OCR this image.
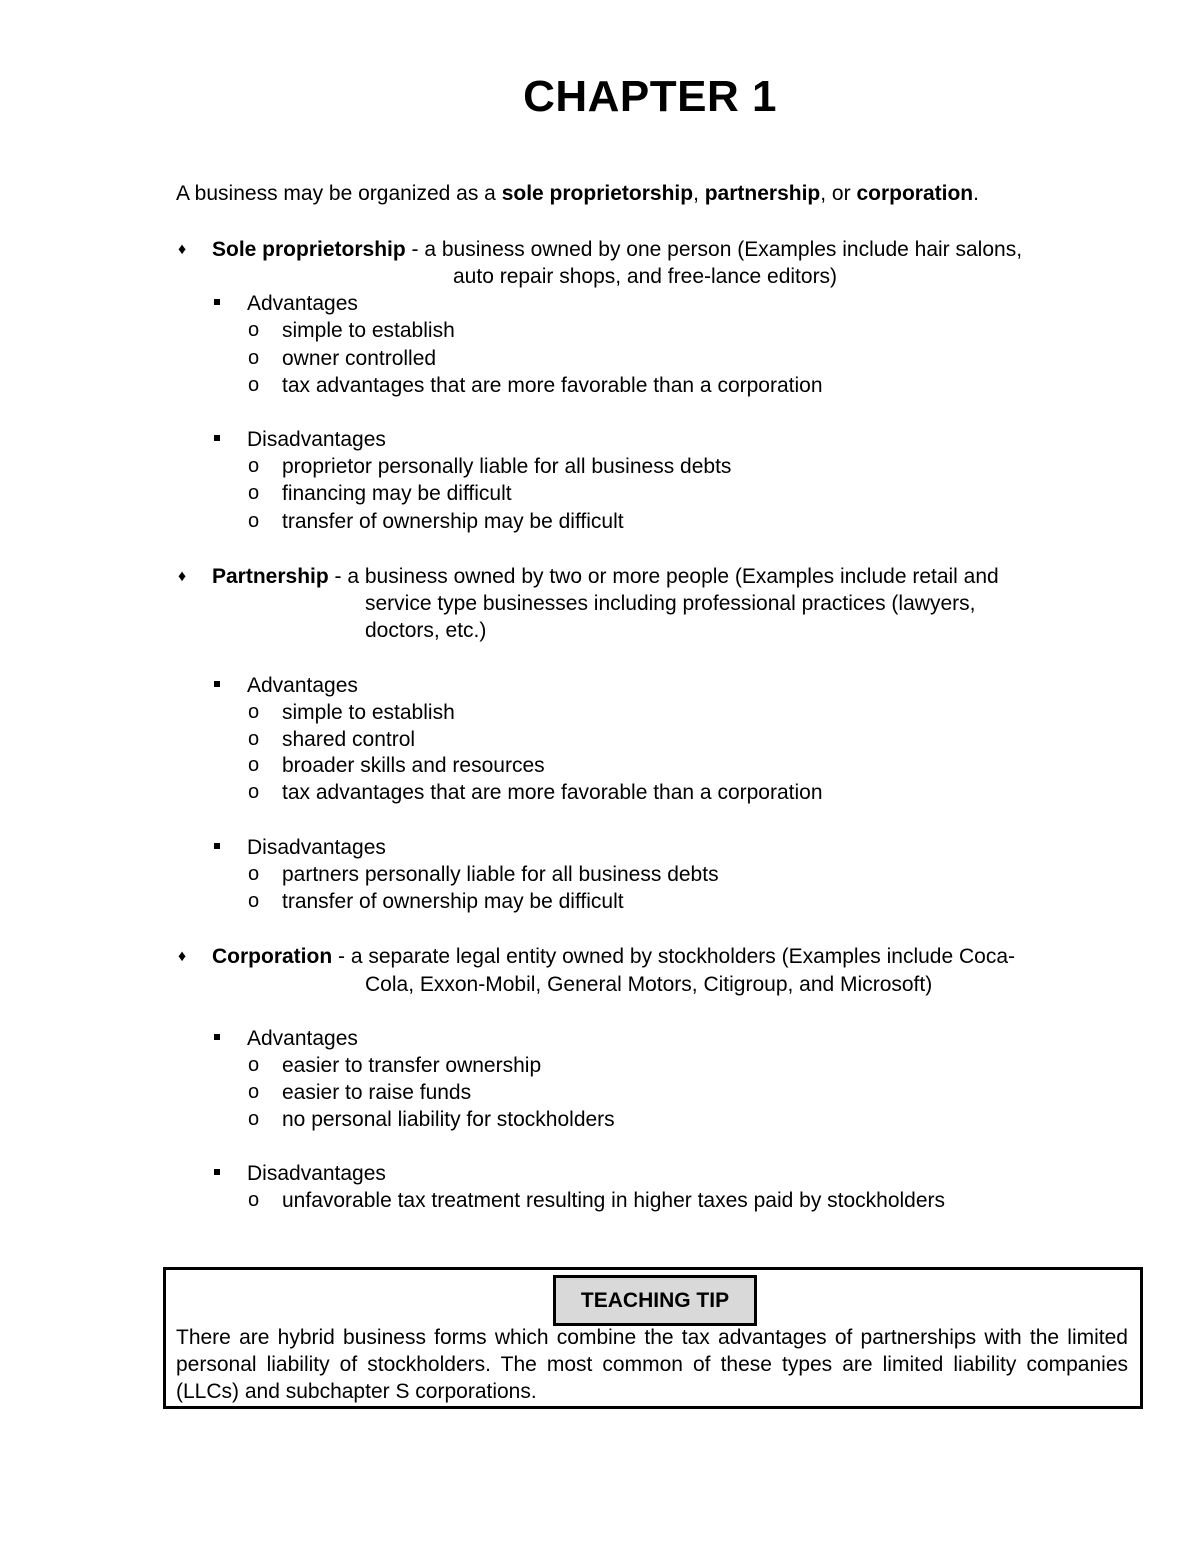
CHAPTER 1
A business may be organized as a sole proprietorship, partnership, or corporation.
♦ Sole proprietorship - a business owned by one person (Examples include hair salons,
auto repair shops, and free-lance editors)
Advantages
o simple to establish
o owner controlled
o tax advantages that are more favorable than a corporation
Disadvantages
o proprietor personally liable for all business debts
o financing may be difficult
o transfer of ownership may be difficult
♦ Partnership - a business owned by two or more people (Examples include retail and
service type businesses including professional practices (lawyers,
doctors, etc.)
Advantages
o simple to establish
o shared control
o broader skills and resources
o tax advantages that are more favorable than a corporation
Disadvantages
o partners personally liable for all business debts
o transfer of ownership may be difficult
♦ Corporation - a separate legal entity owned by stockholders (Examples include Coca-
Cola, Exxon-Mobil, General Motors, Citigroup, and Microsoft)
Advantages
o easier to transfer ownership
o easier to raise funds
o no personal liability for stockholders
Disadvantages
o unfavorable tax treatment resulting in higher taxes paid by stockholders
TEACHING TIP
There are hybrid business forms which combine the tax advantages of partnerships with the limited personal liability of stockholders. The most common of these types are limited liability companies (LLCs) and subchapter S corporations.
